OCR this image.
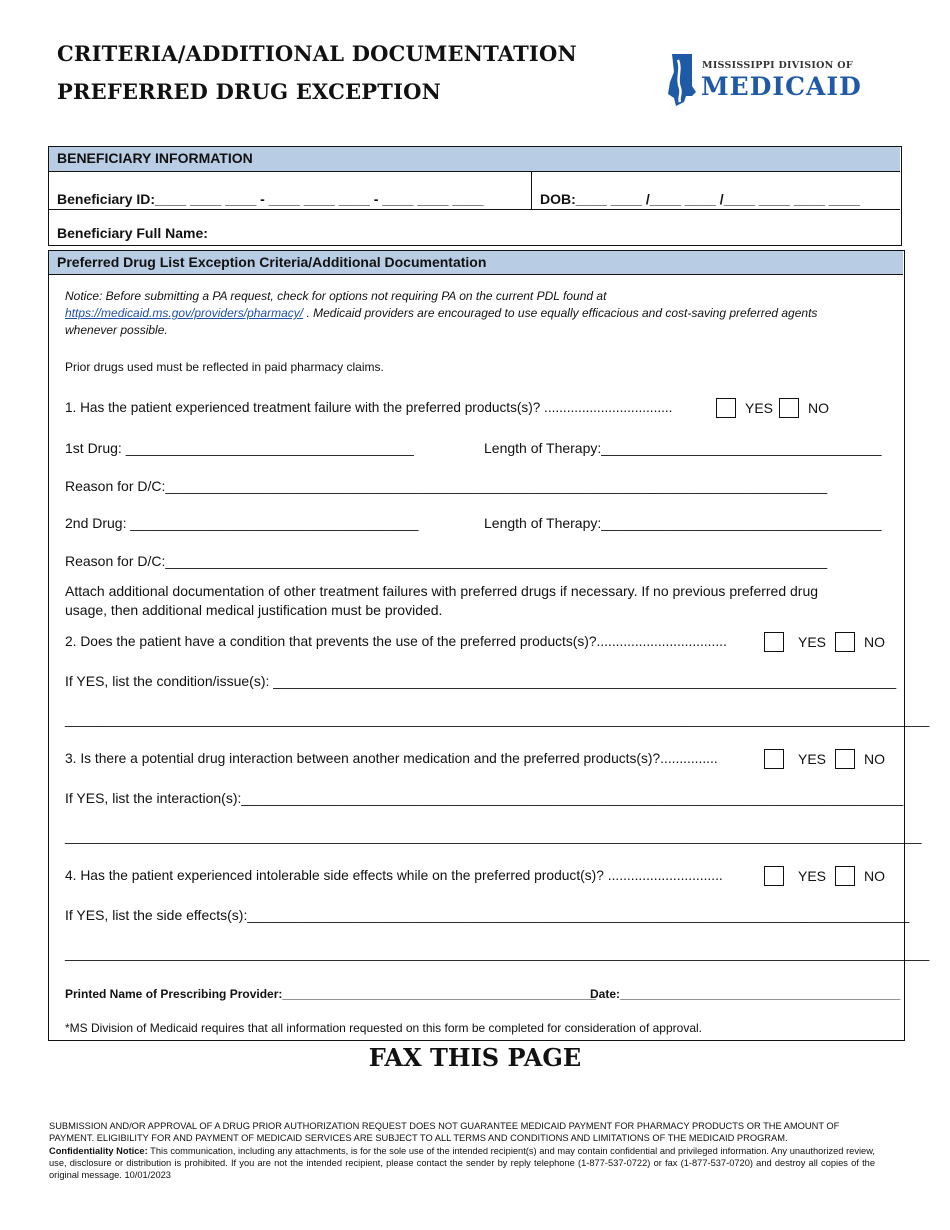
CRITERIA/ADDITIONAL DOCUMENTATION
PREFERRED DRUG EXCEPTION
MISSISSIPPI DIVISION OF
MEDICAID
BENEFICIARY INFORMATION
Beneficiary ID:____ ____ ____ - ____ ____ ____ - ____ ____ ____	DOB:____ ____ /____ ____ /____ ____ ____ ____
Beneficiary Full Name:
Preferred Drug List Exception Criteria/Additional Documentation
Notice: Before submitting a PA request, check for options not requiring PA on the current PDL found at
https://medicaid.ms.gov/providers/pharmacy/ . Medicaid providers are encouraged to use equally efficacious and cost-saving preferred agents
whenever possible.
Prior drugs used must be reflected in paid pharmacy claims.
1. Has the patient experienced treatment failure with the preferred products(s)? ..................................	YES NO
1st Drug: _____________________________________	Length of Therapy:____________________________________
Reason for D/C:_____________________________________________________________________________________
2nd Drug: _____________________________________	Length of Therapy:____________________________________
Reason for D/C:_____________________________________________________________________________________
Attach additional documentation of other treatment failures with preferred drugs if necessary. If no previous preferred drug
usage, then additional medical justification must be provided.
2. Does the patient have a condition that prevents the use of the preferred products(s)?..................................	YES	NO
If YES, list the condition/issue(s): ________________________________________________________________________________
_______________________________________________________________________________________________________________
3. Is there a potential drug interaction between another medication and the preferred products(s)?...............	YES	NO
If YES, list the interaction(s):_____________________________________________________________________________________
______________________________________________________________________________________________________________
4. Has the patient experienced intolerable side effects while on the preferred product(s)? ..............................	YES	NO
If YES, list the side effects(s):_____________________________________________________________________________________
_______________________________________________________________________________________________________________
Printed Name of Prescribing Provider:_______________________________________________
Date:__________________________________________
*MS Division of Medicaid requires that all information requested on this form be completed for consideration of approval.
FAX THIS PAGE
SUBMISSION AND/OR APPROVAL OF A DRUG PRIOR AUTHORIZATION REQUEST DOES NOT GUARANTEE MEDICAID PAYMENT FOR PHARMACY PRODUCTS OR THE AMOUNT OF PAYMENT. ELIGIBILITY FOR AND PAYMENT OF MEDICAID SERVICES ARE SUBJECT TO ALL TERMS AND CONDITIONS AND LIMITATIONS OF THE MEDICAID PROGRAM.
Confidentiality Notice: This communication, including any attachments, is for the sole use of the intended recipient(s) and may contain confidential and privileged information. Any unauthorized review, use, disclosure or distribution is prohibited. If you are not the intended recipient, please contact the sender by reply telephone (1-877-537-0722) or fax (1-877-537-0720) and destroy all copies of the original message. 10/01/2023
